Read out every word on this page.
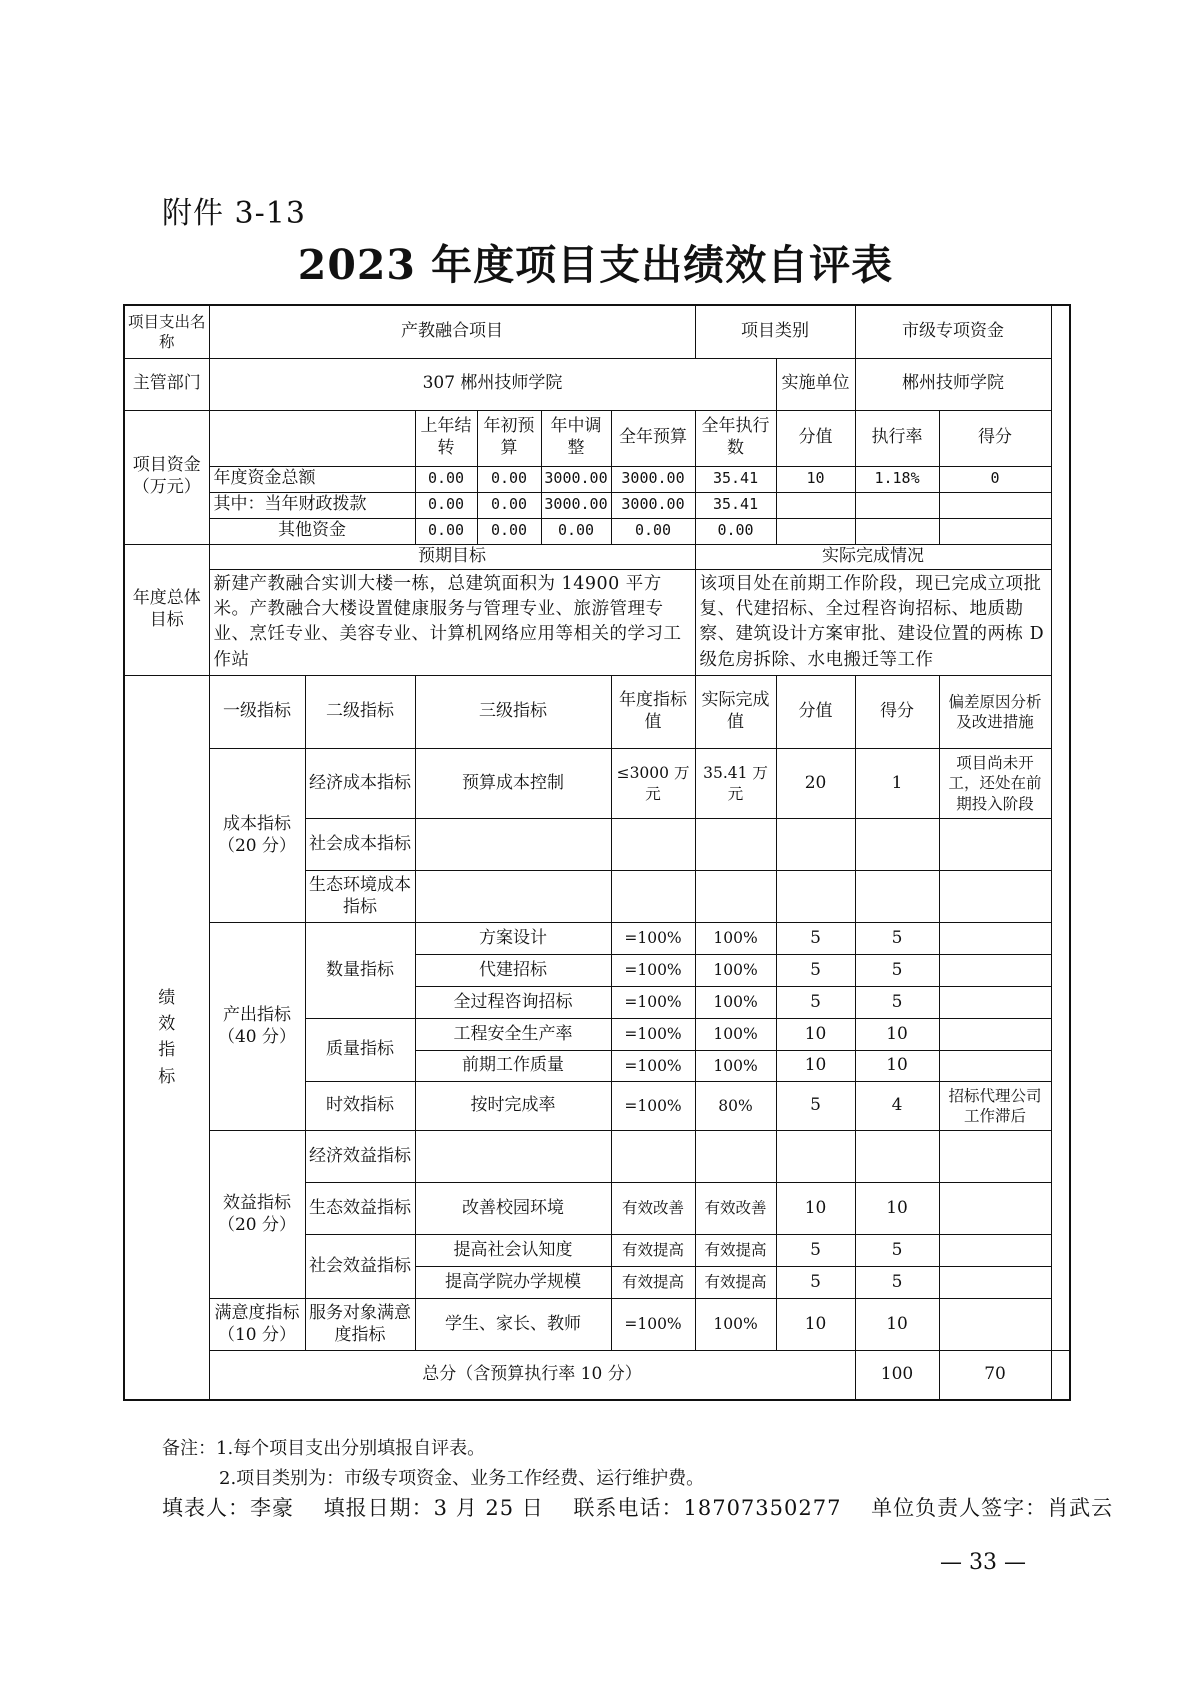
附件 3-13
2023 年度项目支出绩效自评表
项目支出名称	产教融合项目						项目类别		市级专项资金		
主管部门	307 郴州技师学院							实施单位	郴州技师学院		
项目资金（万元）			上年结转	年初预算	年中调整	全年预算	全年执行数	分值	执行率	得分	
	年度资金总额		0.00	0.00	3000.00	3000.00	35.41	10	1.18%	0	
	其中：当年财政拨款		0.00	0.00	3000.00	3000.00	35.41				
	其他资金		0.00	0.00	0.00	0.00	0.00				
年度总体目标	预期目标						实际完成情况				
	新建产教融合实训大楼一栋，总建筑面积为 14900 平方米。产教融合大楼设置健康服务与管理专业、旅游管理专业、烹饪专业、美容专业、计算机网络应用等相关的学习工作站						该项目处在前期工作阶段，现已完成立项批复、代建招标、全过程咨询招标、地质勘察、建筑设计方案审批、建设位置的两栋 D 级危房拆除、水电搬迁等工作				
绩效指标	一级指标	二级指标	三级指标			年度指标值	实际完成值	分值	得分	偏差原因分析及改进措施	
	成本指标（20 分）	经济成本指标	预算成本控制			≤3000 万元	35.41 万元	20	1	项目尚未开工，还处在前期投入阶段	
		社会成本指标									
		生态环境成本指标									
	产出指标（40 分）	数量指标	方案设计			=100%	100%	5	5		
			代建招标			=100%	100%	5	5		
			全过程咨询招标			=100%	100%	5	5		
		质量指标	工程安全生产率			=100%	100%	10	10		
			前期工作质量			=100%	100%	10	10		
		时效指标	按时完成率			=100%	80%	5	4	招标代理公司工作滞后	
	效益指标（20 分）	经济效益指标									
		生态效益指标	改善校园环境			有效改善	有效改善	10	10		
		社会效益指标	提高社会认知度			有效提高	有效提高	5	5		
			提高学院办学规模			有效提高	有效提高	5	5		
	满意度指标（10 分）	服务对象满意度指标	学生、家长、教师			=100%	100%	10	10		
	总分（含预算执行率 10 分）								100	70	
备注：1.每个项目支出分别填报自评表。
2.项目类别为：市级专项资金、业务工作经费、运行维护费。
填表人：李豪 填报日期：3 月 25 日 联系电话：18707350277 单位负责人签字：肖武云
— 33 —
